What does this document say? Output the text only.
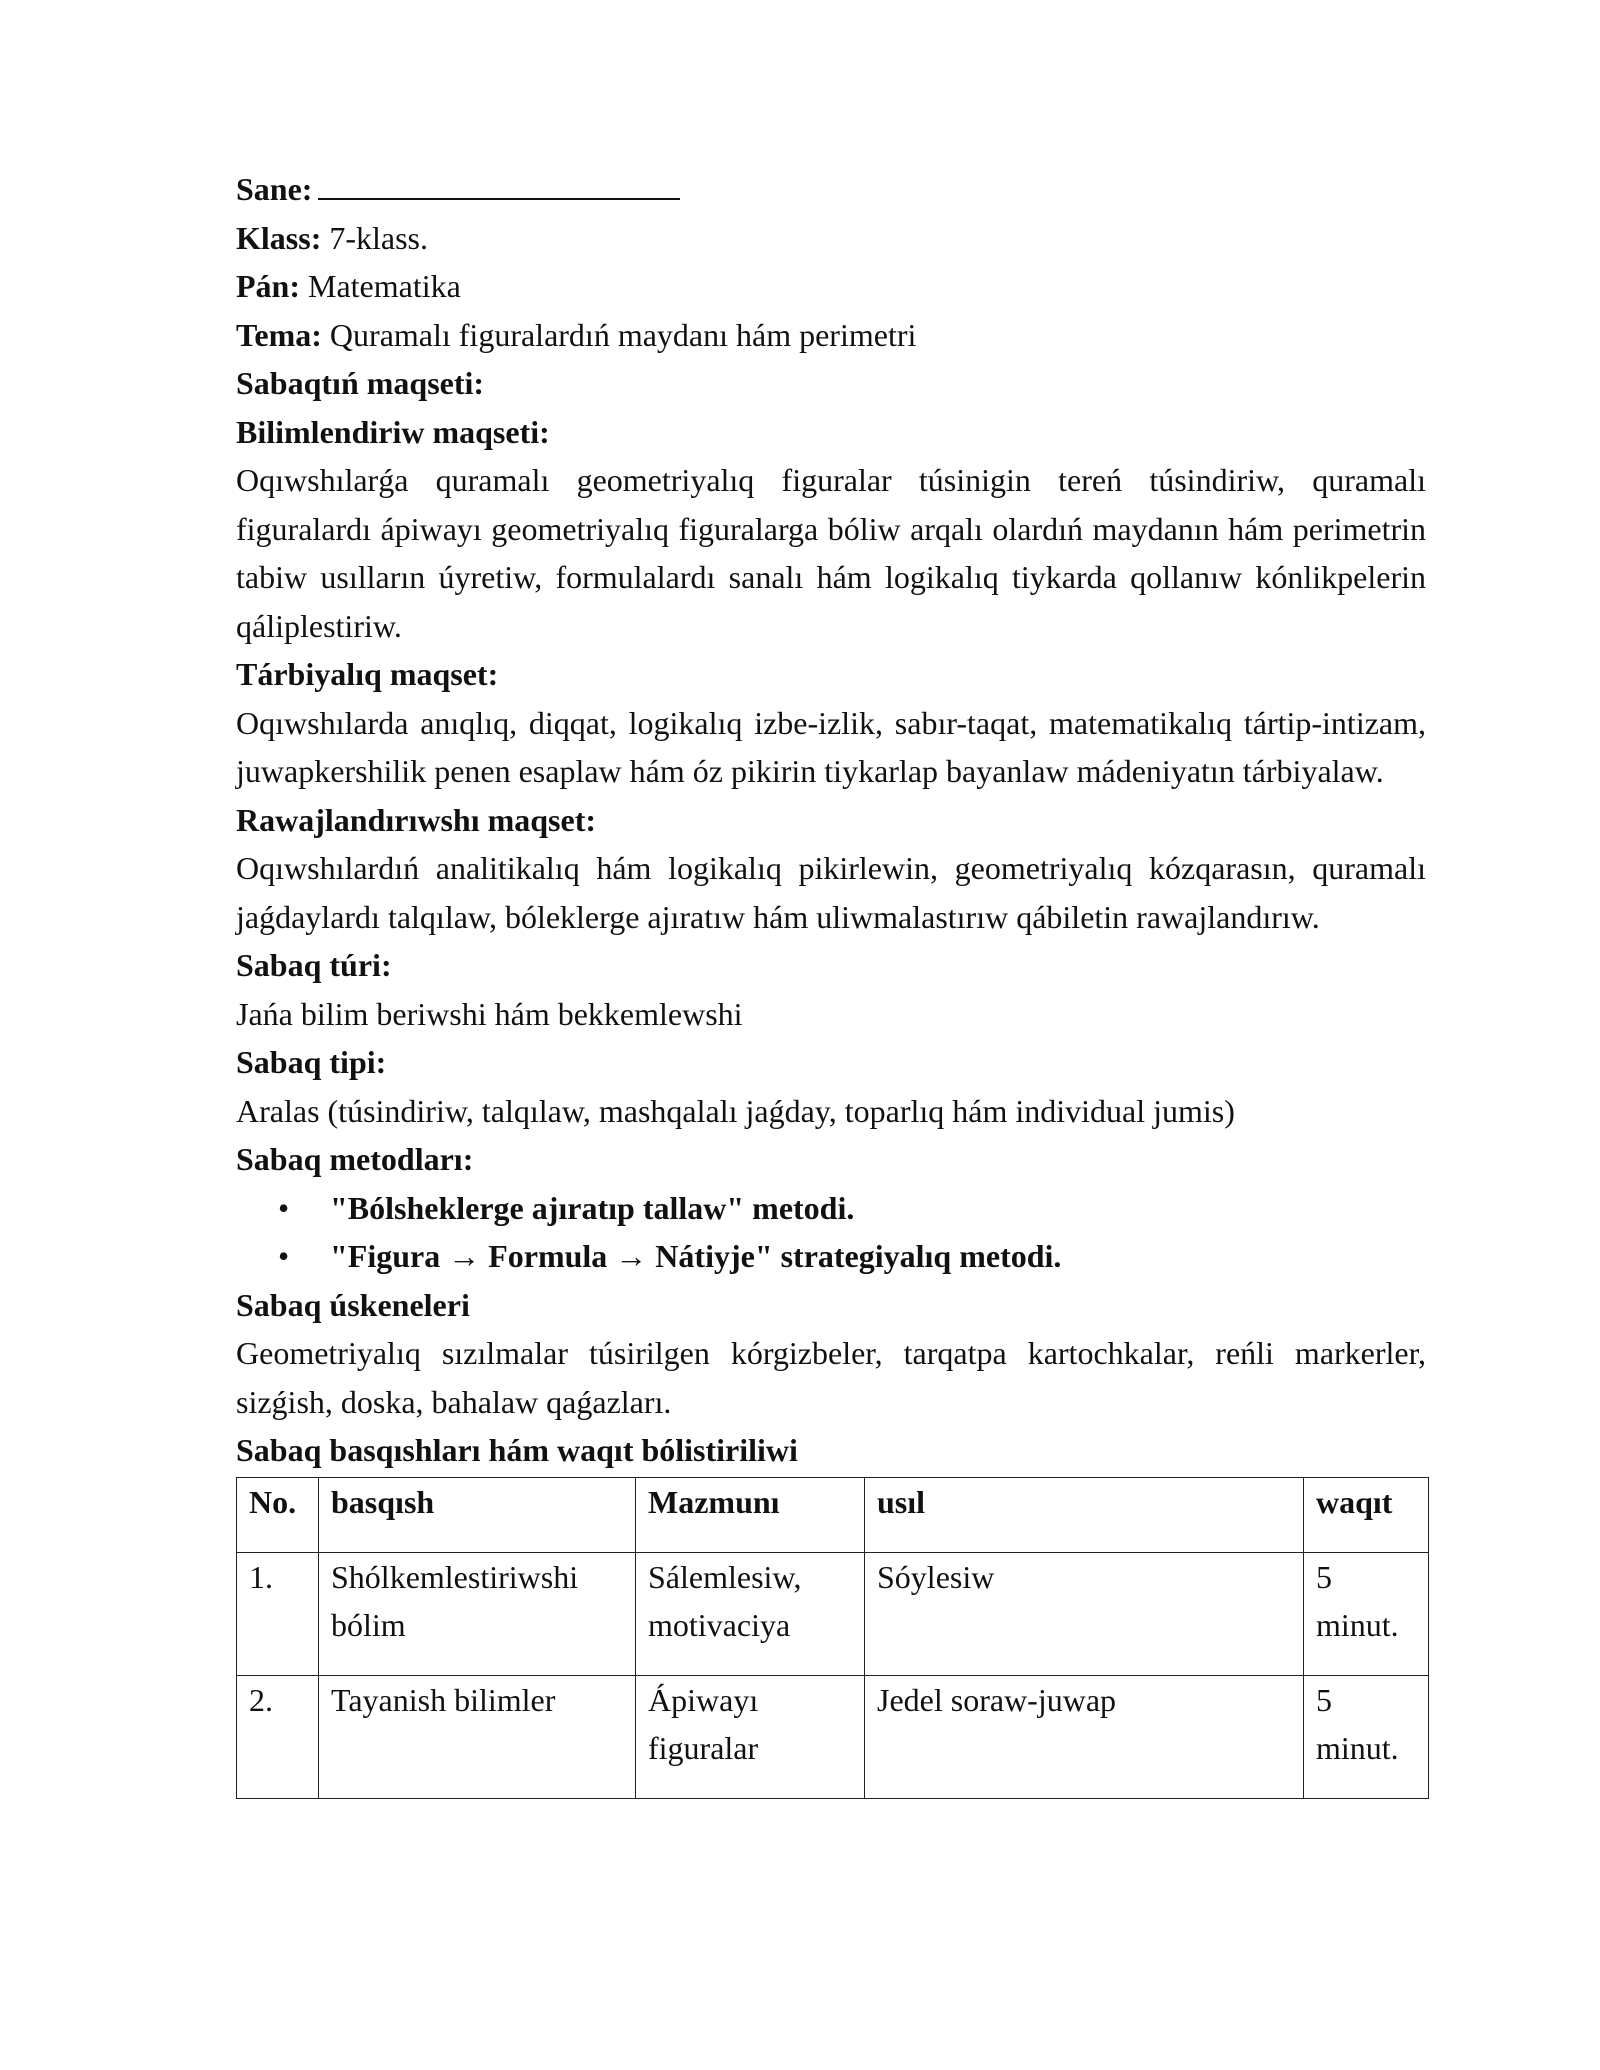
Sane:

Klass: 7-klass.

Pán: Matematika

Tema: Quramalı figuralardıń maydanı hám perimetri

Sabaqtıń maqseti:

Bilimlendiriw maqseti:

Oqıwshılarǵa quramalı geometriyalıq figuralar túsinigin tereń túsindiriw, quramalı figuralardı ápiwayı geometriyalıq figuralarga bóliw arqalı olardıń maydanın hám perimetrin tabiw usılların úyretiw, formulalardı sanalı hám logikalıq tiykarda qollanıw kónlikpelerin qáliplestiriw.

Tárbiyalıq maqset:

Oqıwshılarda anıqlıq, diqqat, logikalıq izbe-izlik, sabır-taqat, matematikalıq tártip-intizam, juwapkershilik penen esaplaw hám óz pikirin tiykarlap bayanlaw mádeniyatın tárbiyalaw.

Rawajlandırıwshı maqset:

Oqıwshılardıń analitikalıq hám logikalıq pikirlewin, geometriyalıq kózqarasın, quramalı jaǵdaylardı talqılaw, bóleklerge ajıratıw hám uliwmalastırıw qábiletin rawajlandırıw.

Sabaq túri:

Jańa bilim beriwshi hám bekkemlewshi

Sabaq tipi:

Aralas (túsindiriw, talqılaw, mashqalalı jaǵday, toparlıq hám individual jumis)

Sabaq metodları:

• "Bólsheklerge ajıratıp tallaw" metodi.
• "Figura → Formula → Nátiyje" strategiyalıq metodi.

Sabaq úskeneleri

Geometriyalıq sızılmalar túsirilgen kórgizbeler, tarqatpa kartochkalar, reńli markerler, sizǵish, doska, bahalaw qaǵazları.

Sabaq basqıshları hám waqıt bólistiriliwi

No.	basqısh	Mazmunı	usıl	waqıt
1.	Shólkemlestiriwshi bólim	Sálemlesiw, motivaciya	Sóylesiw	5 minut.
2.	Tayanish bilimler	Ápiwayı figuralar	Jedel soraw-juwap	5 minut.
